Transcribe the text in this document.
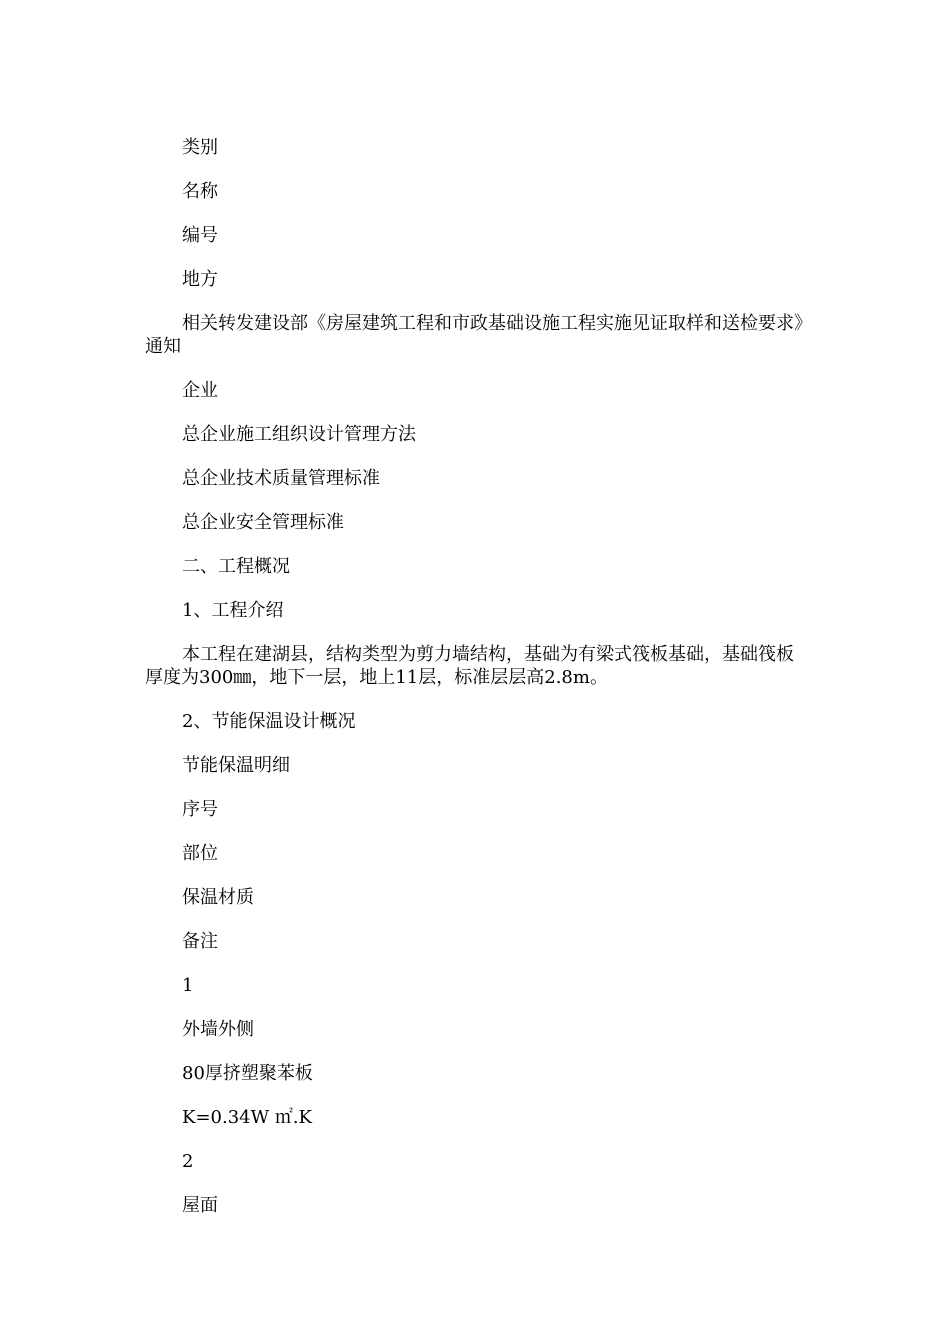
类别

名称

编号

地方

相关转发建设部《房屋建筑工程和市政基础设施工程实施见证取样和送检要求》通知

企业

总企业施工组织设计管理方法

总企业技术质量管理标准

总企业安全管理标准

二、工程概况

1、工程介绍

本工程在建湖县，结构类型为剪力墙结构，基础为有梁式筏板基础，基础筏板厚度为300㎜，地下一层，地上11层，标准层层高2.8m。

2、节能保温设计概况

节能保温明细

序号

部位

保温材质

备注

1

外墙外侧

80厚挤塑聚苯板

K=0.34W ㎡.K

2

屋面
